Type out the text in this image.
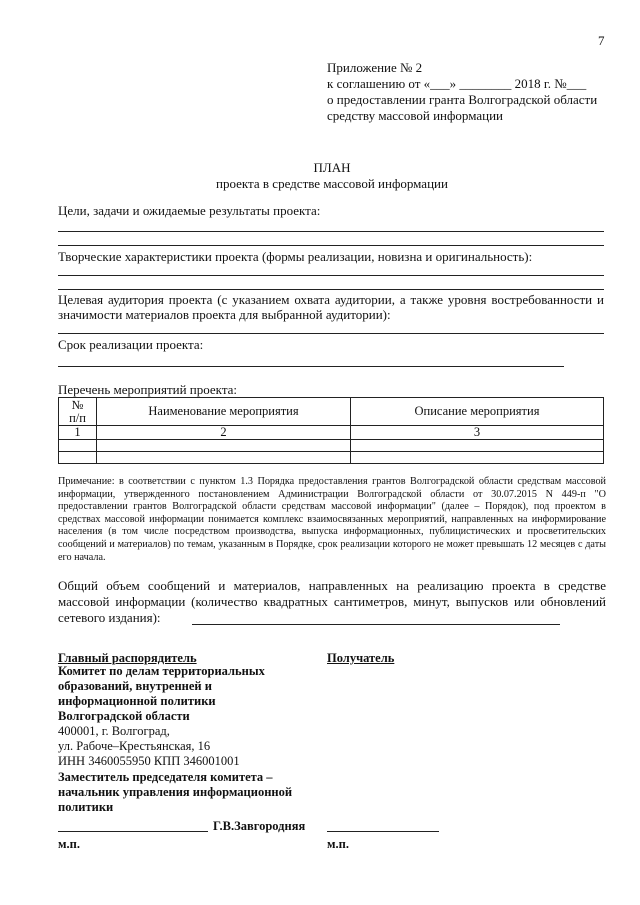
7
Приложение № 2
к соглашению от «___» ________ 2018 г. №___
о предоставлении гранта Волгоградской области
средству массовой информации
ПЛАН
проекта в средстве массовой информации
Цели, задачи и ожидаемые результаты проекта:
Творческие характеристики проекта (формы реализации, новизна и оригинальность):
Целевая аудитория проекта (с указанием охвата аудитории, а также уровня востребованности и
значимости материалов проекта для выбранной аудитории):
Срок реализации проекта:
Перечень мероприятий проекта:
№
п/п	Наименование мероприятия	Описание мероприятия
1	2	3

Примечание: в соответствии с пунктом 1.3 Порядка предоставления грантов Волгоградской области средствам массовой информации, утвержденного постановлением Администрации Волгоградской области от 30.07.2015 N 449-п "О предоставлении грантов Волгоградской области средствам массовой информации" (далее – Порядок), под проектом в средствах массовой информации понимается комплекс взаимосвязанных мероприятий, направленных на информирование населения (в том числе посредством производства, выпуска информационных, публицистических и просветительских сообщений и материалов) по темам, указанным в Порядке, срок реализации которого не может превышать 12 месяцев с даты его начала.
Общий объем сообщений и материалов, направленных на реализацию проекта в средстве
массовой информации (количество квадратных сантиметров, минут, выпусков или обновлений
сетевого издания):
Главный распорядитель
Комитет по делам территориальных
образований, внутренней и
информационной политики
Волгоградской области
400001, г. Волгоград,
ул. Рабоче–Крестьянская, 16
ИНН 3460055950 КПП 346001001
Заместитель председателя комитета –
начальник управления информационной
политики
Г.В.Завгородняя
м.п.
Получатель
м.п.
